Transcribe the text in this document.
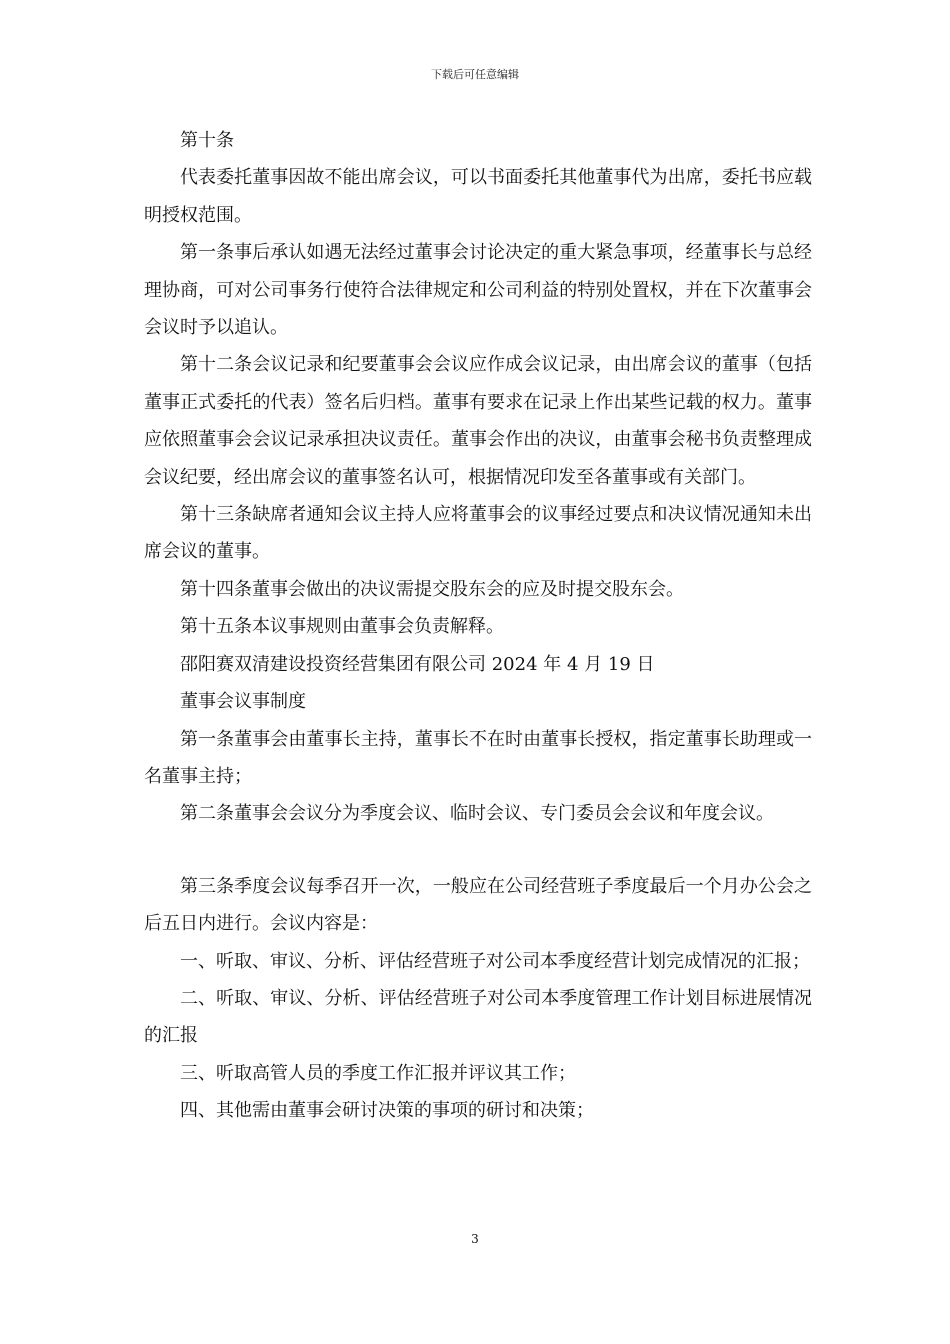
下载后可任意编辑

第十条

代表委托董事因故不能出席会议，可以书面委托其他董事代为出席，委托书应载明授权范围。

第一条事后承认如遇无法经过董事会讨论决定的重大紧急事项，经董事长与总经理协商，可对公司事务行使符合法律规定和公司利益的特别处置权，并在下次董事会会议时予以追认。

第十二条会议记录和纪要董事会会议应作成会议记录，由出席会议的董事（包括董事正式委托的代表）签名后归档。董事有要求在记录上作出某些记载的权力。董事应依照董事会会议记录承担决议责任。董事会作出的决议，由董事会秘书负责整理成会议纪要，经出席会议的董事签名认可，根据情况印发至各董事或有关部门。

第十三条缺席者通知会议主持人应将董事会的议事经过要点和决议情况通知未出席会议的董事。

第十四条董事会做出的决议需提交股东会的应及时提交股东会。

第十五条本议事规则由董事会负责解释。

邵阳赛双清建设投资经营集团有限公司 2024 年 4 月 19 日

董事会议事制度

第一条董事会由董事长主持，董事长不在时由董事长授权，指定董事长助理或一名董事主持；

第二条董事会会议分为季度会议、临时会议、专门委员会会议和年度会议。

第三条季度会议每季召开一次，一般应在公司经营班子季度最后一个月办公会之后五日内进行。会议内容是：

一、听取、审议、分析、评估经营班子对公司本季度经营计划完成情况的汇报；

二、听取、审议、分析、评估经营班子对公司本季度管理工作计划目标进展情况的汇报

三、听取高管人员的季度工作汇报并评议其工作；

四、其他需由董事会研讨决策的事项的研讨和决策；

3
